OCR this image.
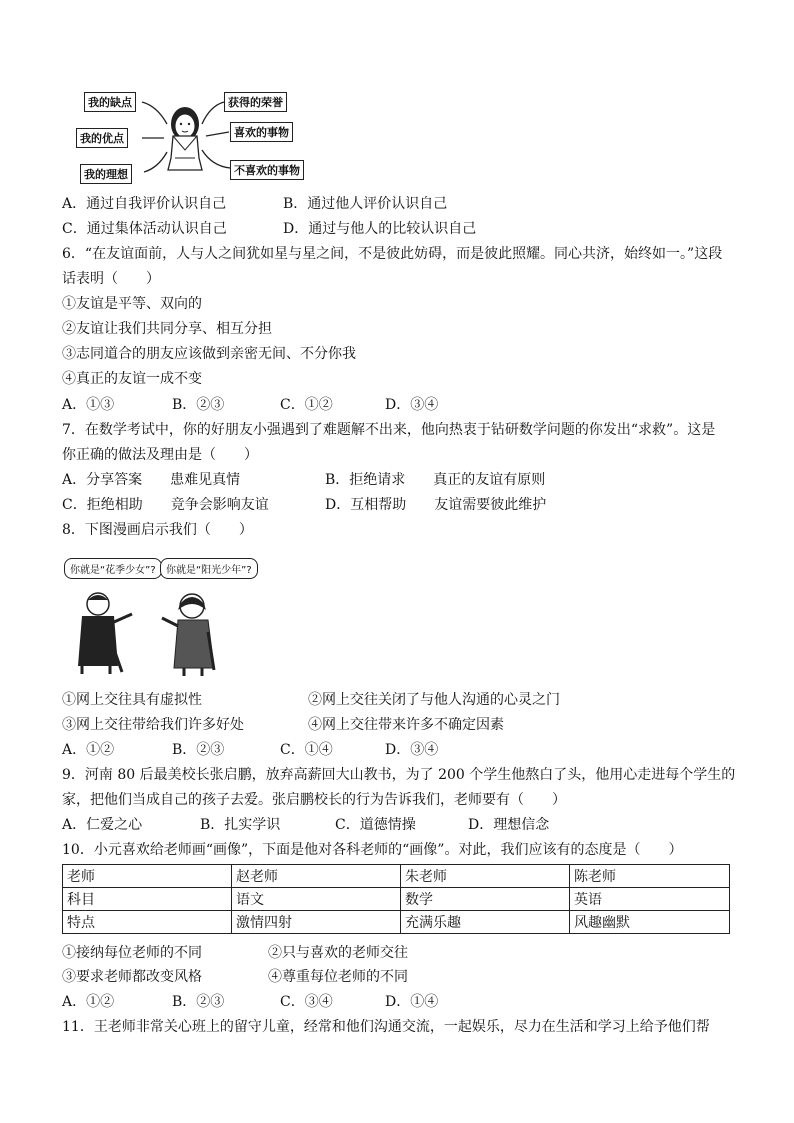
我的缺点
我的优点
我的理想
获得的荣誉
喜欢的事物
不喜欢的事物
A．通过自我评价认识自己	B．通过他人评价认识自己
C．通过集体活动认识自己	D．通过与他人的比较认识自己
6．“在友谊面前，人与人之间犹如星与星之间，不是彼此妨碍，而是彼此照耀。同心共济，始终如一。”这段
话表明（　　）
①友谊是平等、双向的
②友谊让我们共同分享、相互分担
③志同道合的朋友应该做到亲密无间、不分你我
④真正的友谊一成不变
A．①③	B．②③	C．①②	D．③④
7．在数学考试中，你的好朋友小强遇到了难题解不出来，他向热衷于钻研数学问题的你发出“求救”。这是
你正确的做法及理由是（　　）
A．分享答案　　患难见真情	B．拒绝请求　　真正的友谊有原则
C．拒绝相助　　竞争会影响友谊	D．互相帮助　　友谊需要彼此维护
8．下图漫画启示我们（　　）
你就是“花季少女”?	你就是“阳光少年”?
①网上交往具有虚拟性	②网上交往关闭了与他人沟通的心灵之门
③网上交往带给我们许多好处	④网上交往带来许多不确定因素
A．①②	B．②③	C．①④	D．③④
9．河南 80 后最美校长张启鹏，放弃高薪回大山教书，为了 200 个学生他熬白了头，他用心走进每个学生的
家，把他们当成自己的孩子去爱。张启鹏校长的行为告诉我们，老师要有（　　）
A．仁爱之心	B．扎实学识	C．道德情操	D．理想信念
10．小元喜欢给老师画“画像”，下面是他对各科老师的“画像”。对此，我们应该有的态度是（　　）
老师	赵老师	朱老师	陈老师
科目	语文	数学	英语
特点	激情四射	充满乐趣	风趣幽默
①接纳每位老师的不同	②只与喜欢的老师交往
③要求老师都改变风格	④尊重每位老师的不同
A．①②	B．②③	C．③④	D．①④
11．王老师非常关心班上的留守儿童，经常和他们沟通交流，一起娱乐，尽力在生活和学习上给予他们帮
